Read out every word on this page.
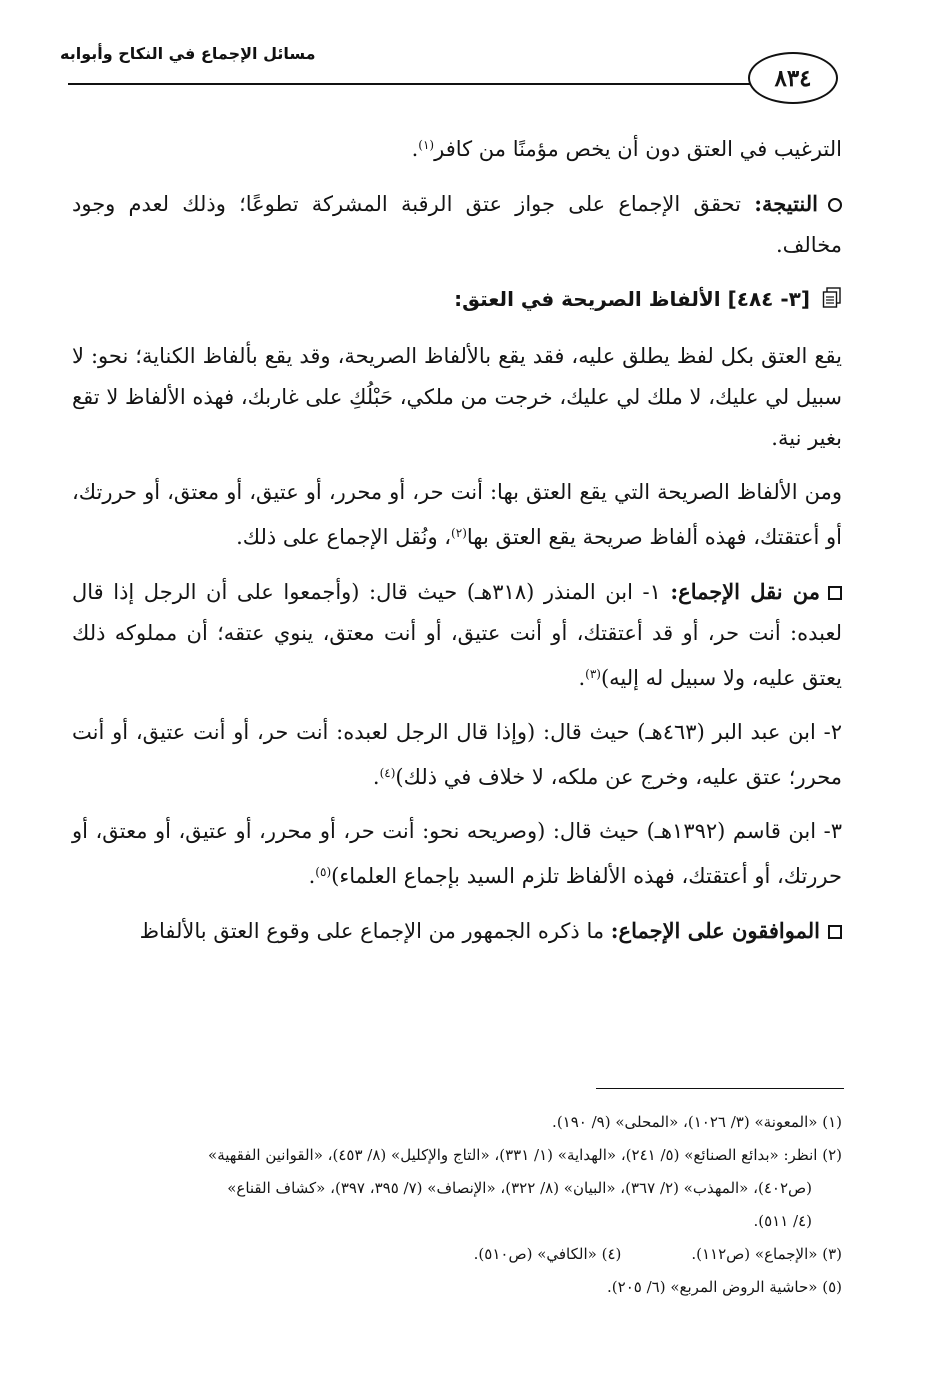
مسائل الإجماع في النكاح وأبوابه
٨٣٤

الترغيب في العتق دون أن يخص مؤمنًا من كافر$^{(١)}$.

النتيجة: تحقق الإجماع على جواز عتق الرقبة المشركة تطوعًا؛ وذلك لعدم وجود مخالف.

[٣- ٤٨٤] الألفاظ الصريحة في العتق:

يقع العتق بكل لفظ يطلق عليه، فقد يقع بالألفاظ الصريحة، وقد يقع بألفاظ الكناية؛ نحو: لا سبيل لي عليك، لا ملك لي عليك، خرجت من ملكي، حَبْلُكِ على غاربك، فهذه الألفاظ لا تقع بغير نية.

ومن الألفاظ الصريحة التي يقع العتق بها: أنت حر، أو محرر، أو عتيق، أو معتق، أو حررتك، أو أعتقتك، فهذه ألفاظ صريحة يقع العتق بها$^{(٢)}$، ونُقل الإجماع على ذلك.

من نقل الإجماع: ١- ابن المنذر (٣١٨هـ) حيث قال: (وأجمعوا على أن الرجل إذا قال لعبده: أنت حر، أو قد أعتقتك، أو أنت عتيق، أو أنت معتق، ينوي عتقه؛ أن مملوكه ذلك يعتق عليه، ولا سبيل له إليه)$^{(٣)}$.

٢- ابن عبد البر (٤٦٣هـ) حيث قال: (وإذا قال الرجل لعبده: أنت حر، أو أنت عتيق، أو أنت محرر؛ عتق عليه، وخرج عن ملكه، لا خلاف في ذلك)$^{(٤)}$.

٣- ابن قاسم (١٣٩٢هـ) حيث قال: (وصريحه نحو: أنت حر، أو محرر، أو عتيق، أو معتق، أو حررتك، أو أعتقتك، فهذه الألفاظ تلزم السيد بإجماع العلماء)$^{(٥)}$.

الموافقون على الإجماع: ما ذكره الجمهور من الإجماع على وقوع العتق بالألفاظ

(١) «المعونة» (٣/ ١٠٢٦)، «المحلى» (٩/ ١٩٠).

(٢) انظر: «بدائع الصنائع» (٥/ ٢٤١)، «الهداية» (١/ ٣٣١)، «التاج والإكليل» (٨/ ٤٥٣)، «القوانين الفقهية»

(ص٤٠٢)، «المهذب» (٢/ ٣٦٧)، «البيان» (٨/ ٣٢٢)، «الإنصاف» (٧/ ٣٩٥، ٣٩٧)، «كشاف القناع»

(٤/ ٥١١).

(٣) «الإجماع» (ص١١٢).(٤) «الكافي» (ص٥١٠).

(٥) «حاشية الروض المربع» (٦/ ٢٠٥).
